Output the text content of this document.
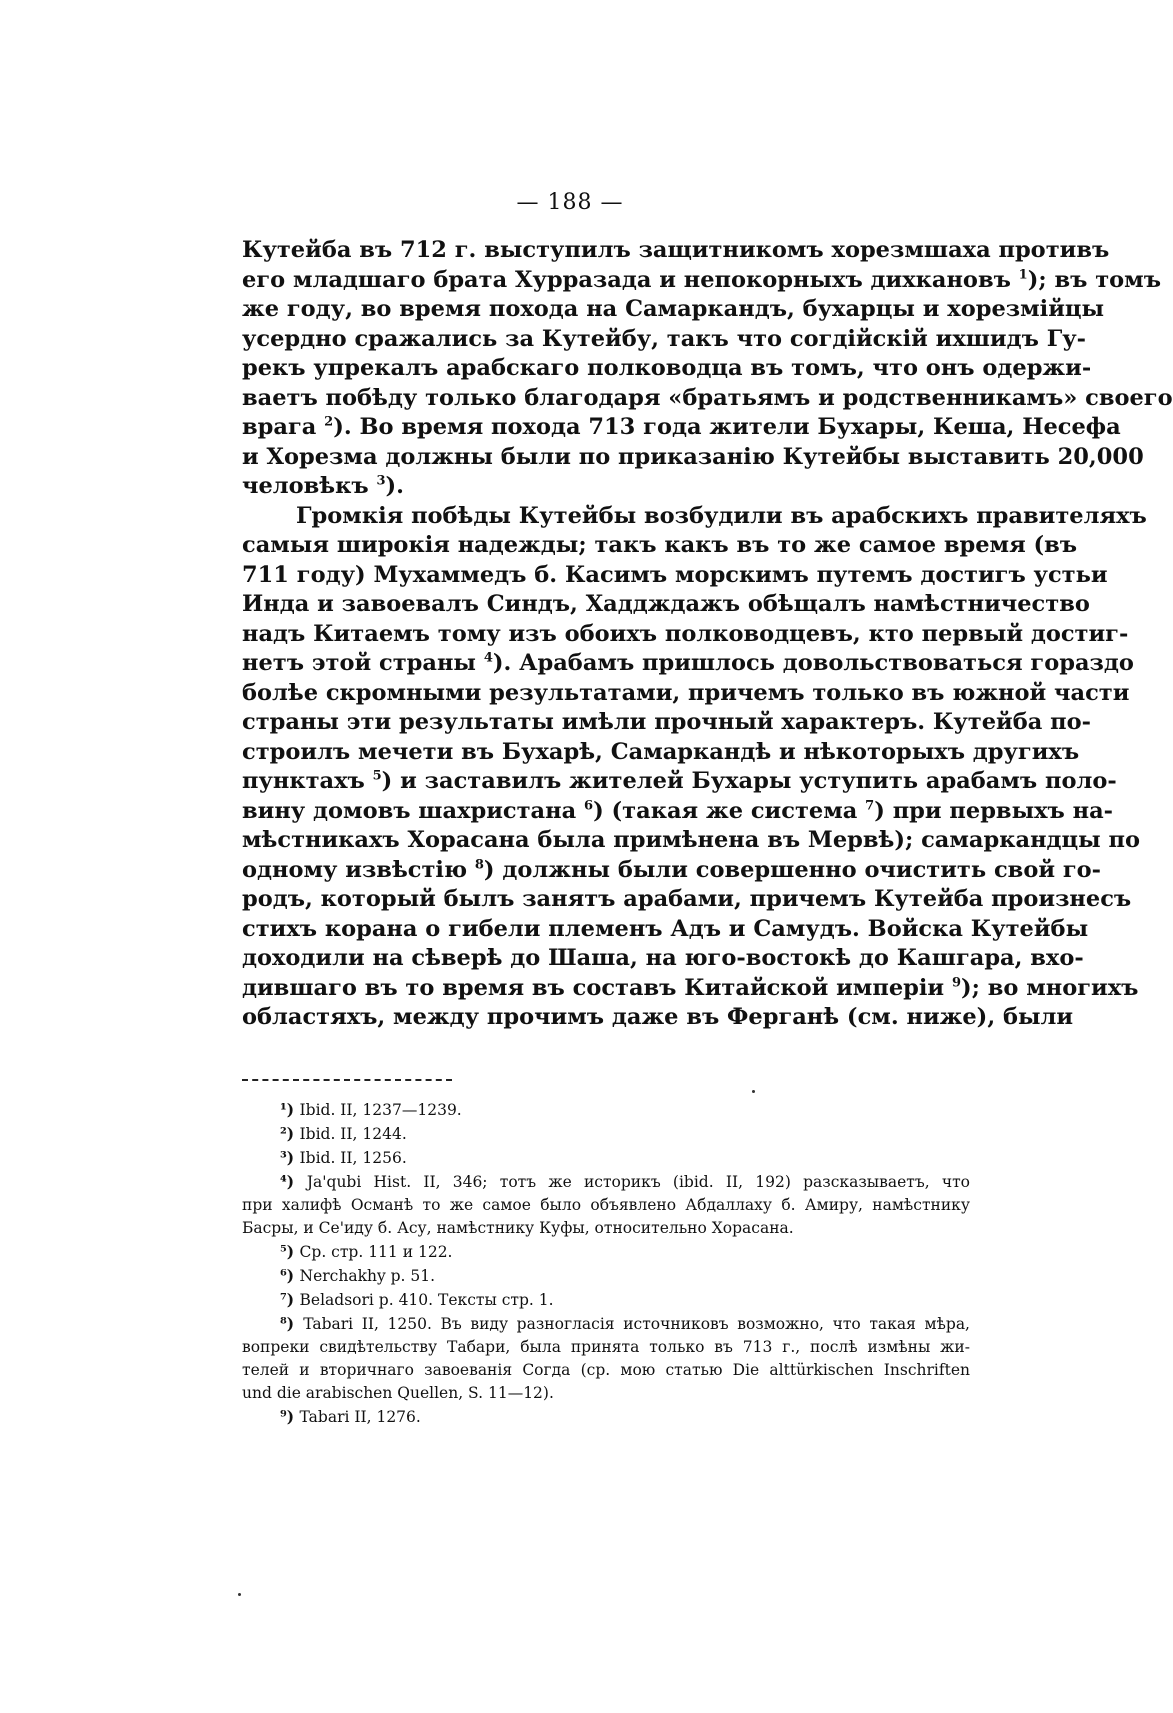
— 188 —

Кутейба въ 712 г. выступилъ защитникомъ хорезмшаха противъ
его младшаго брата Хурразада и непокорныхъ дихкановъ $^1$); въ томъ
же году, во время похода на Самаркандъ, бухарцы и хорезмійцы
усердно сражались за Кутейбу, такъ что согдійскій ихшидъ Гу-
рекъ упрекалъ арабскаго полководца въ томъ, что онъ одержи-
ваетъ побѣду только благодаря «братьямъ и родственникамъ» своего
врага $^2$). Во время похода 713 года жители Бухары, Кеша, Несефа
и Хорезма должны были по приказанію Кутейбы выставить 20,000
человѣкъ $^3$).

Громкія побѣды Кутейбы возбудили въ арабскихъ правителяхъ
самыя широкія надежды; такъ какъ въ то же самое время (въ
711 году) Мухаммедъ б. Касимъ морскимъ путемъ достигъ устьи
Инда и завоевалъ Синдъ, Хаддждажъ обѣщалъ намѣстничество
надъ Китаемъ тому изъ обоихъ полководцевъ, кто первый достиг-
нетъ этой страны $^4$). Арабамъ пришлось довольствоваться гораздо
болѣе скромными результатами, причемъ только въ южной части
страны эти результаты имѣли прочный характеръ. Кутейба по-
строилъ мечети въ Бухарѣ, Самаркандѣ и нѣкоторыхъ другихъ
пунктахъ $^5$) и заставилъ жителей Бухары уступить арабамъ поло-
вину домовъ шахристана $^6$) (такая же система $^7$) при первыхъ на-
мѣстникахъ Хорасана была примѣнена въ Мервѣ); самаркандцы по
одному извѣстію $^8$) должны были совершенно очистить свой го-
родъ, который былъ занятъ арабами, причемъ Кутейба произнесъ
стихъ корана о гибели племенъ Адъ и Самудъ. Войска Кутейбы
доходили на сѣверѣ до Шаша, на юго-востокѣ до Кашгара, вхо-
дившаго въ то время въ составъ Китайской имперіи $^9$); во многихъ
областяхъ, между прочимъ даже въ Ферганѣ (см. ниже), были

¹) Ibid. II, 1237—1239.
²) Ibid. II, 1244.
³) Ibid. II, 1256.
⁴) Ja'qubi Hist. II, 346; тотъ же историкъ (ibid. II, 192) разсказываетъ, что
при халифѣ Османѣ то же самое было объявлено Абдаллаху б. Амиру, намѣстнику
Басры, и Се'иду б. Асу, намѣстнику Куфы, относительно Хорасана.
⁵) Ср. стр. 111 и 122.
⁶) Nerchakhy p. 51.
⁷) Beladsori p. 410. Тексты стр. 1.
⁸) Tabari II, 1250. Въ виду разногласія источниковъ возможно, что такая мѣра,
вопреки свидѣтельству Табари, была принята только въ 713 г., послѣ измѣны жи-
телей и вторичнаго завоеванія Согда (ср. мою статью Die alttürkischen Inschriften
und die arabischen Quellen, S. 11—12).
⁹) Tabari II, 1276.
